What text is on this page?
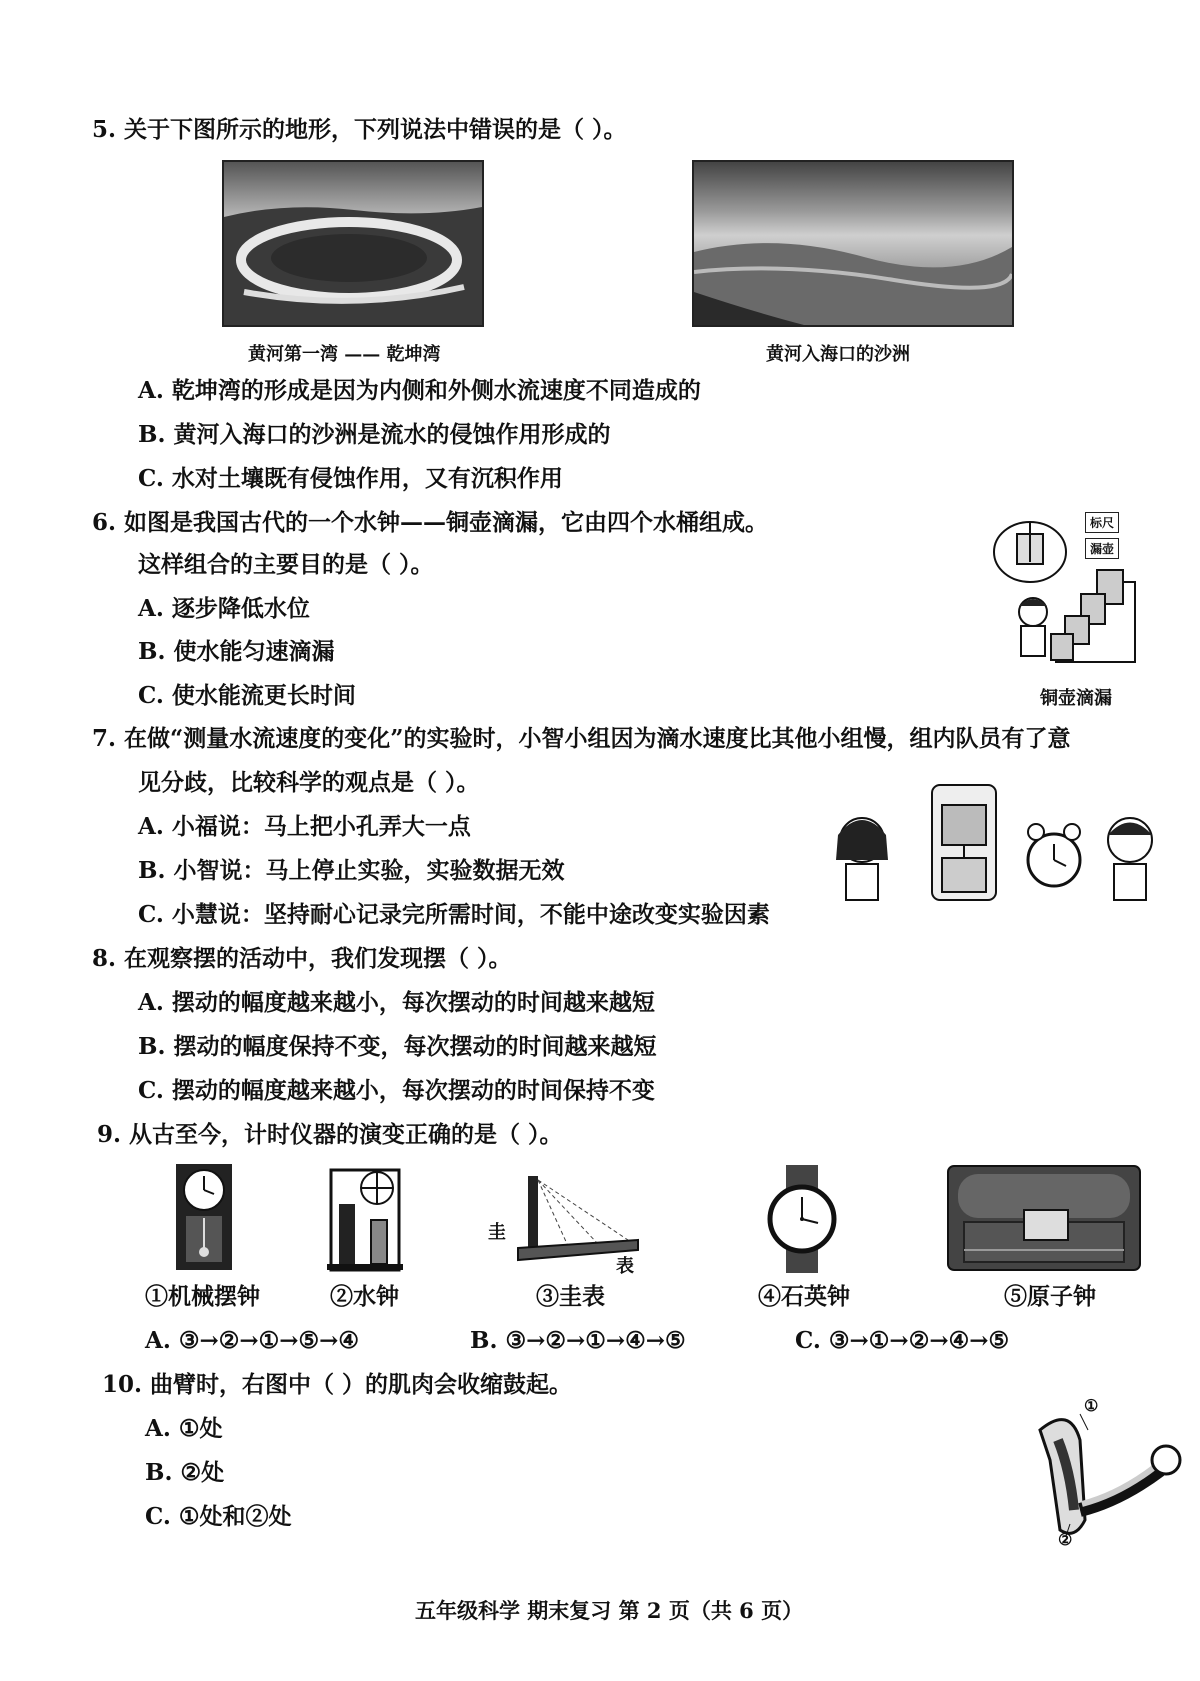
5. 关于下图所示的地形，下列说法中错误的是（ ）。
黄河第一湾 —— 乾坤湾	黄河入海口的沙洲
A. 乾坤湾的形成是因为内侧和外侧水流速度不同造成的
B. 黄河入海口的沙洲是流水的侵蚀作用形成的
C. 水对土壤既有侵蚀作用，又有沉积作用
6. 如图是我国古代的一个水钟——铜壶滴漏，它由四个水桶组成。
这样组合的主要目的是（ ）。
A. 逐步降低水位
B. 使水能匀速滴漏
C. 使水能流更长时间
标尺
漏壶
铜壶滴漏
7. 在做“测量水流速度的变化”的实验时，小智小组因为滴水速度比其他小组慢，组内队员有了意
见分歧，比较科学的观点是（ ）。
A. 小福说：马上把小孔弄大一点
B. 小智说：马上停止实验，实验数据无效
C. 小慧说：坚持耐心记录完所需时间，不能中途改变实验因素
8. 在观察摆的活动中，我们发现摆（ ）。
A. 摆动的幅度越来越小，每次摆动的时间越来越短
B. 摆动的幅度保持不变，每次摆动的时间越来越短
C. 摆动的幅度越来越小，每次摆动的时间保持不变
9. 从古至今，计时仪器的演变正确的是（ ）。
圭
表
①机械摆钟	②水钟	③圭表	④石英钟	⑤原子钟
A. ③→②→①→⑤→④	B. ③→②→①→④→⑤	C. ③→①→②→④→⑤
10. 曲臂时，右图中（ ）的肌肉会收缩鼓起。
A. ①处
B. ②处
C. ①处和②处
①
②
五年级科学 期末复习 第 2 页（共 6 页）
